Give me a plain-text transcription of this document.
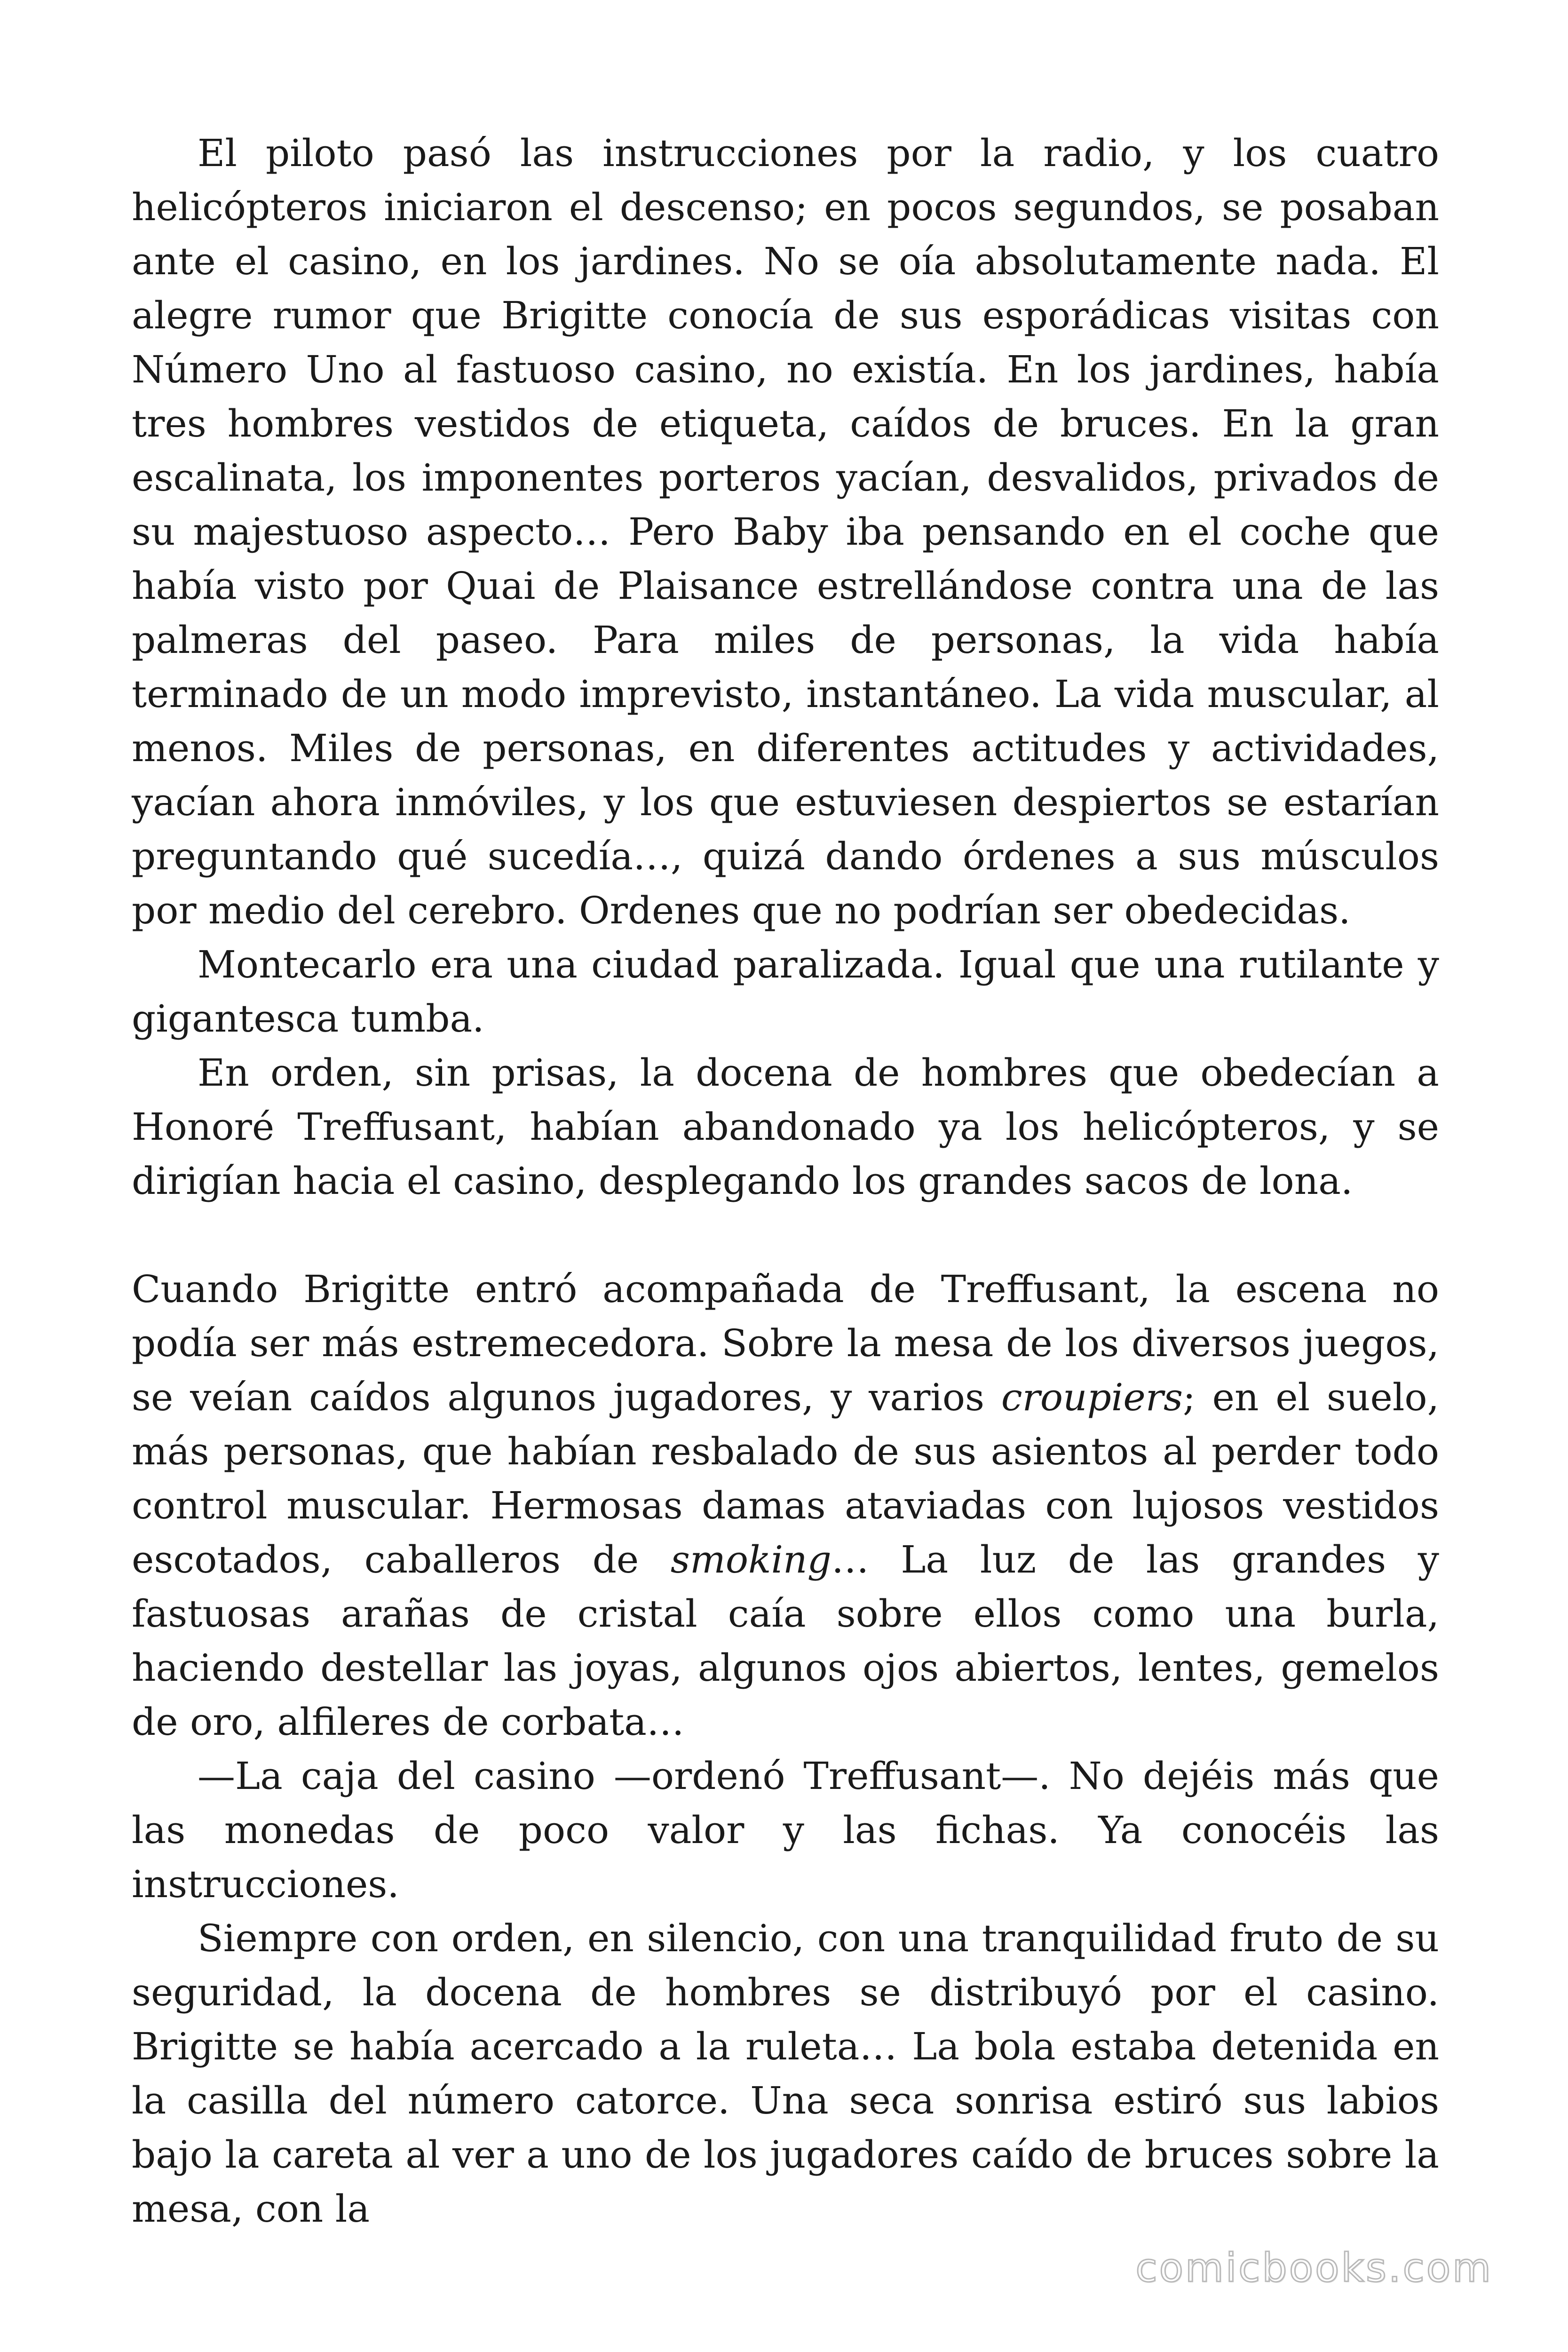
El piloto pasó las instrucciones por la radio, y los cuatro helicópteros iniciaron el descenso; en pocos segundos, se posaban ante el casino, en los jardines. No se oía absolutamente nada. El alegre rumor que Brigitte conocía de sus esporádicas visitas con Número Uno al fastuoso casino, no existía. En los jardines, había tres hombres vestidos de etiqueta, caídos de bruces. En la gran escalinata, los imponentes porteros yacían, desvalidos, privados de su majestuoso aspecto… Pero Baby iba pensando en el coche que había visto por Quai de Plaisance estrellándose contra una de las palmeras del paseo. Para miles de personas, la vida había terminado de un modo imprevisto, instantáneo. La vida muscular, al menos. Miles de personas, en diferentes actitudes y actividades, yacían ahora inmóviles, y los que estuviesen despiertos se estarían preguntando qué sucedía…, quizá dando órdenes a sus músculos por medio del cerebro. Ordenes que no podrían ser obedecidas.

Montecarlo era una ciudad paralizada. Igual que una rutilante y gigantesca tumba.

En orden, sin prisas, la docena de hombres que obedecían a Honoré Treffusant, habían abandonado ya los helicópteros, y se dirigían hacia el casino, desplegando los grandes sacos de lona.

Cuando Brigitte entró acompañada de Treffusant, la escena no podía ser más estremecedora. Sobre la mesa de los diversos juegos, se veían caídos algunos jugadores, y varios croupiers; en el suelo, más personas, que habían resbalado de sus asientos al perder todo control muscular. Hermosas damas ataviadas con lujosos vestidos escotados, caballeros de smoking… La luz de las grandes y fastuosas arañas de cristal caía sobre ellos como una burla, haciendo destellar las joyas, algunos ojos abiertos, lentes, gemelos de oro, alfileres de corbata…

—La caja del casino —ordenó Treffusant—. No dejéis más que las monedas de poco valor y las fichas. Ya conocéis las instrucciones.

Siempre con orden, en silencio, con una tranquilidad fruto de su seguridad, la docena de hombres se distribuyó por el casino. Brigitte se había acercado a la ruleta… La bola estaba detenida en la casilla del número catorce. Una seca sonrisa estiró sus labios bajo la careta al ver a uno de los jugadores caído de bruces sobre la mesa, con la

comicbooks.com
